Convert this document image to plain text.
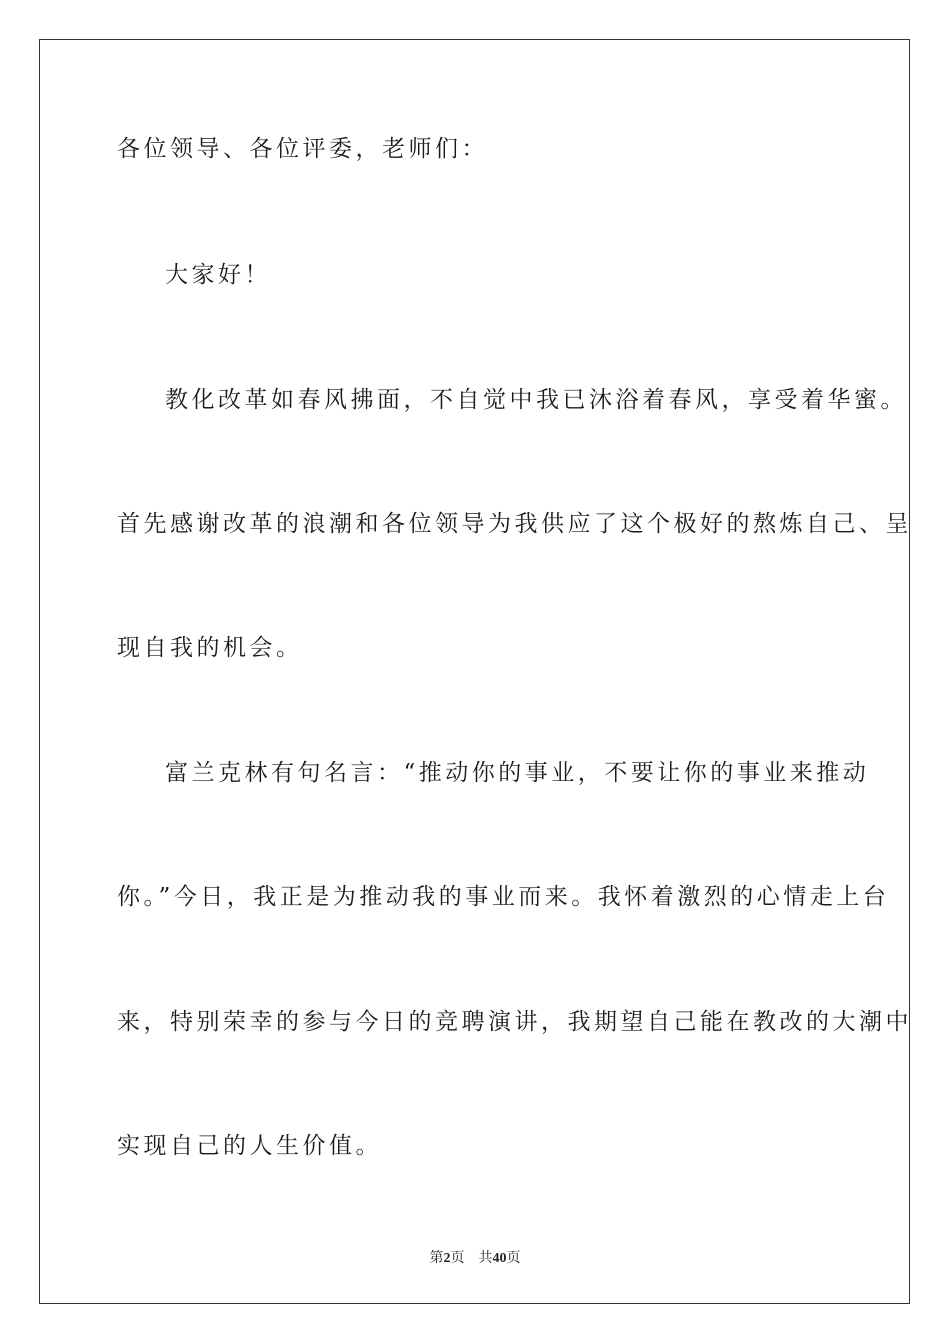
各位领导、各位评委，老师们：

大家好！

教化改革如春风拂面，不自觉中我已沐浴着春风，享受着华蜜。

首先感谢改革的浪潮和各位领导为我供应了这个极好的熬炼自己、呈

现自我的机会。

富兰克林有句名言：“推动你的事业，不要让你的事业来推动

你。”今日，我正是为推动我的事业而来。我怀着激烈的心情走上台

来，特别荣幸的参与今日的竞聘演讲，我期望自己能在教改的大潮中

实现自己的人生价值。

第2页 共40页
